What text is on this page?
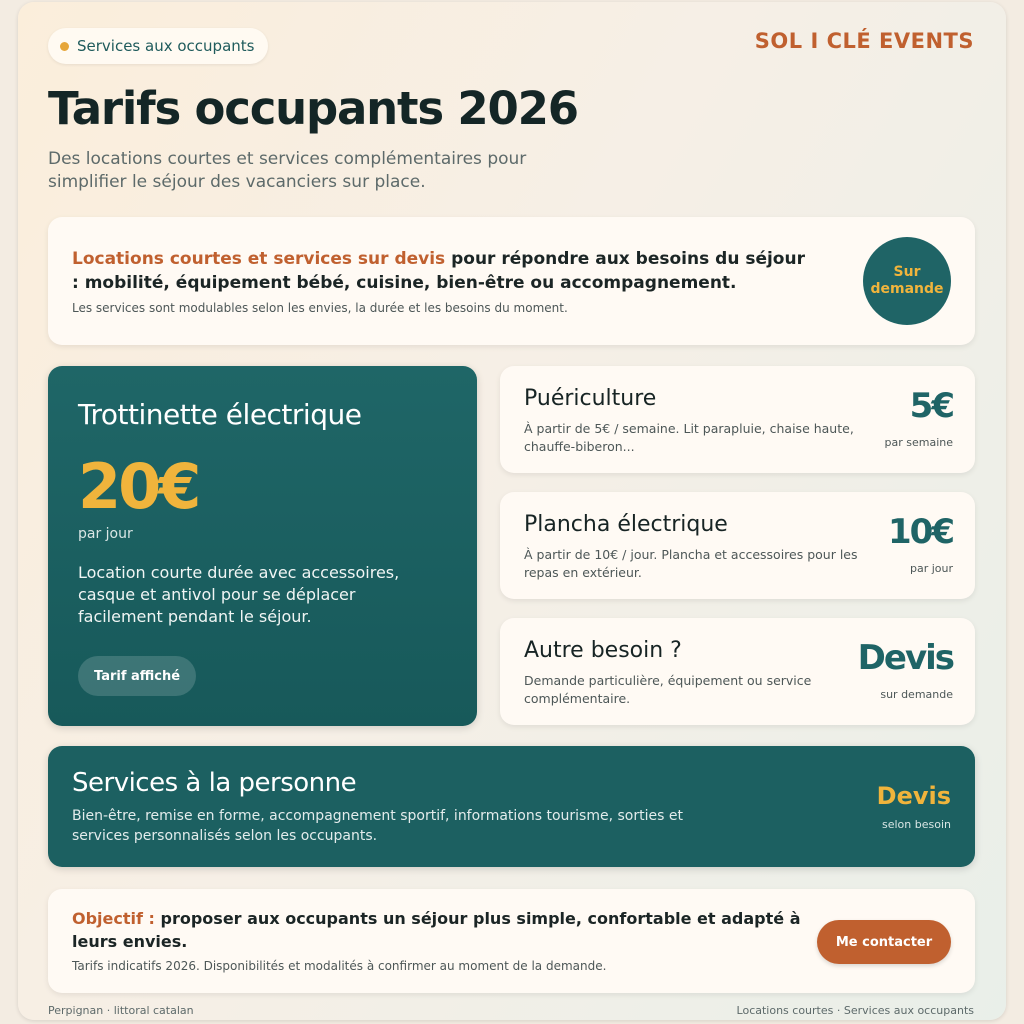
Services aux occupants	SOL I CLÉ EVENTS
Tarifs occupants 2026
Des locations courtes et services complémentaires pour simplifier le séjour des vacanciers sur place.
Locations courtes et services sur devis pour répondre aux besoins du séjour : mobilité, équipement bébé, cuisine, bien-être ou accompagnement.
Les services sont modulables selon les envies, la durée et les besoins du moment.
Sur demande
Trottinette électrique
20€
par jour
Location courte durée avec accessoires, casque et antivol pour se déplacer facilement pendant le séjour.
Tarif affiché
Puériculture
À partir de 5€ / semaine. Lit parapluie, chaise haute, chauffe-biberon...
5€
par semaine
Plancha électrique
À partir de 10€ / jour. Plancha et accessoires pour les repas en extérieur.
10€
par jour
Autre besoin ?
Demande particulière, équipement ou service complémentaire.
Devis
sur demande
Services à la personne
Bien-être, remise en forme, accompagnement sportif, informations tourisme, sorties et services personnalisés selon les occupants.
Devis
selon besoin
Objectif : proposer aux occupants un séjour plus simple, confortable et adapté à leurs envies.
Tarifs indicatifs 2026. Disponibilités et modalités à confirmer au moment de la demande.
Me contacter
Perpignan · littoral catalan	Locations courtes · Services aux occupants
